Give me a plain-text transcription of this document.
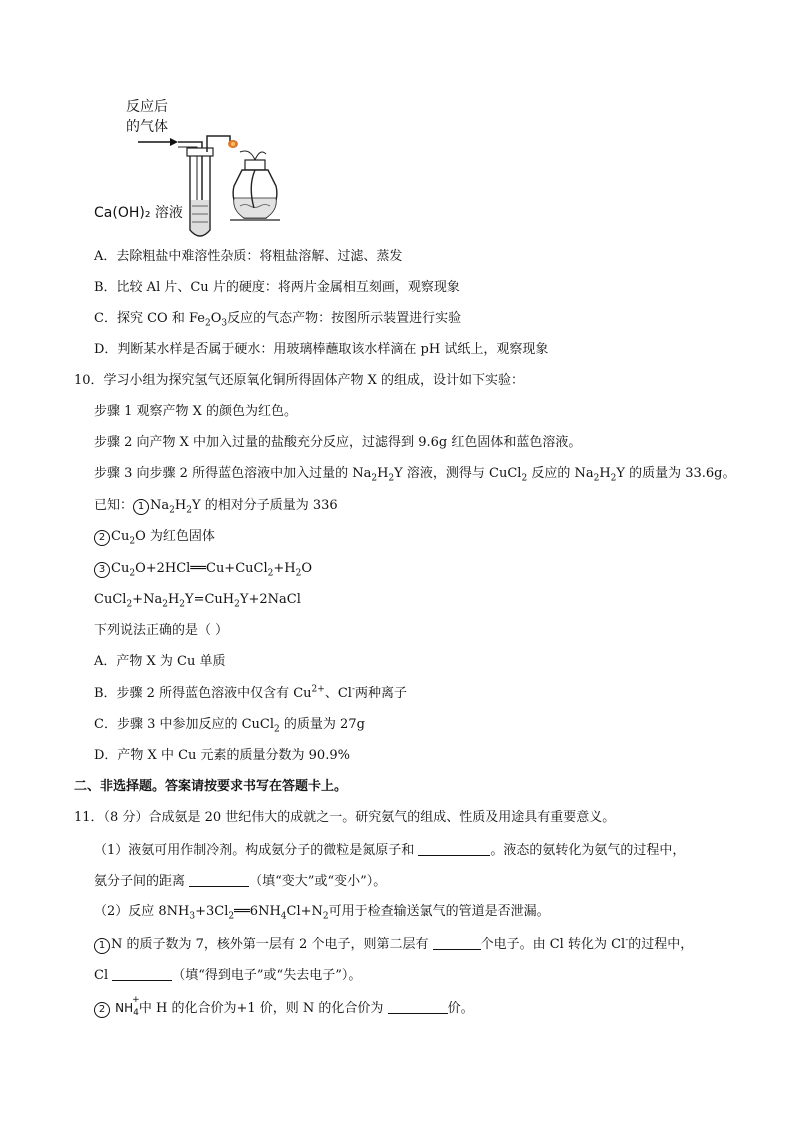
反应后
的气体
Ca(OH)₂ 溶液
A．去除粗盐中难溶性杂质：将粗盐溶解、过滤、蒸发
B．比较 Al 片、Cu 片的硬度：将两片金属相互刻画，观察现象
C．探究 CO 和 $Fe_2O_3$反应的气态产物：按图所示装置进行实验
D．判断某水样是否属于硬水：用玻璃棒蘸取该水样滴在 pH 试纸上，观察现象
10．学习小组为探究氢气还原氧化铜所得固体产物 X 的组成，设计如下实验：
步骤 1 观察产物 X 的颜色为红色。
步骤 2 向产物 X 中加入过量的盐酸充分反应，过滤得到 9.6g 红色固体和蓝色溶液。
步骤 3 向步骤 2 所得蓝色溶液中加入过量的 $Na_2H_2Y$ 溶液，测得与 CuCl$_2$ 反应的 $Na_2H_2Y$ 的质量为 33.6g。
已知： 1 $Na_2H_2Y$ 的相对分子质量为 336
2 $Cu_2O$ 为红色固体
3 $Cu_2O+2HCl══Cu+CuCl_2+H_2O$
$CuCl_2+Na_2H_2Y=CuH_2Y+2NaCl$
下列说法正确的是（ ）
A．产物 X 为 Cu 单质
B．步骤 2 所得蓝色溶液中仅含有 $Cu^{2+}$、Cl-两种离子
C．步骤 3 中参加反应的 CuCl$_2$ 的质量为 27g
D．产物 X 中 Cu 元素的质量分数为 90.9%
二、非选择题。答案请按要求书写在答题卡上。
11．（8 分）合成氨是 20 世纪伟大的成就之一。研究氨气的组成、性质及用途具有重要意义。
（1）液氨可用作制冷剂。构成氨分子的微粒是氮原子和	。液态的氨转化为氨气的过程中，
氨分子间的距离	（填“变大”或“变小”）。
（2）反应 $8NH_3+3Cl_2══6NH_4Cl+N_2$可用于检查输送氯气的管道是否泄漏。
1 N 的质子数为 7，核外第一层有 2 个电子，则第二层有	个电子。由 Cl 转化为 Cl-的过程中，
Cl	（填“得到电子”或“失去电子”）。
2 $NH_4$
+
中 H 的化合价为+1 价，则 N 的化合价为	价。
